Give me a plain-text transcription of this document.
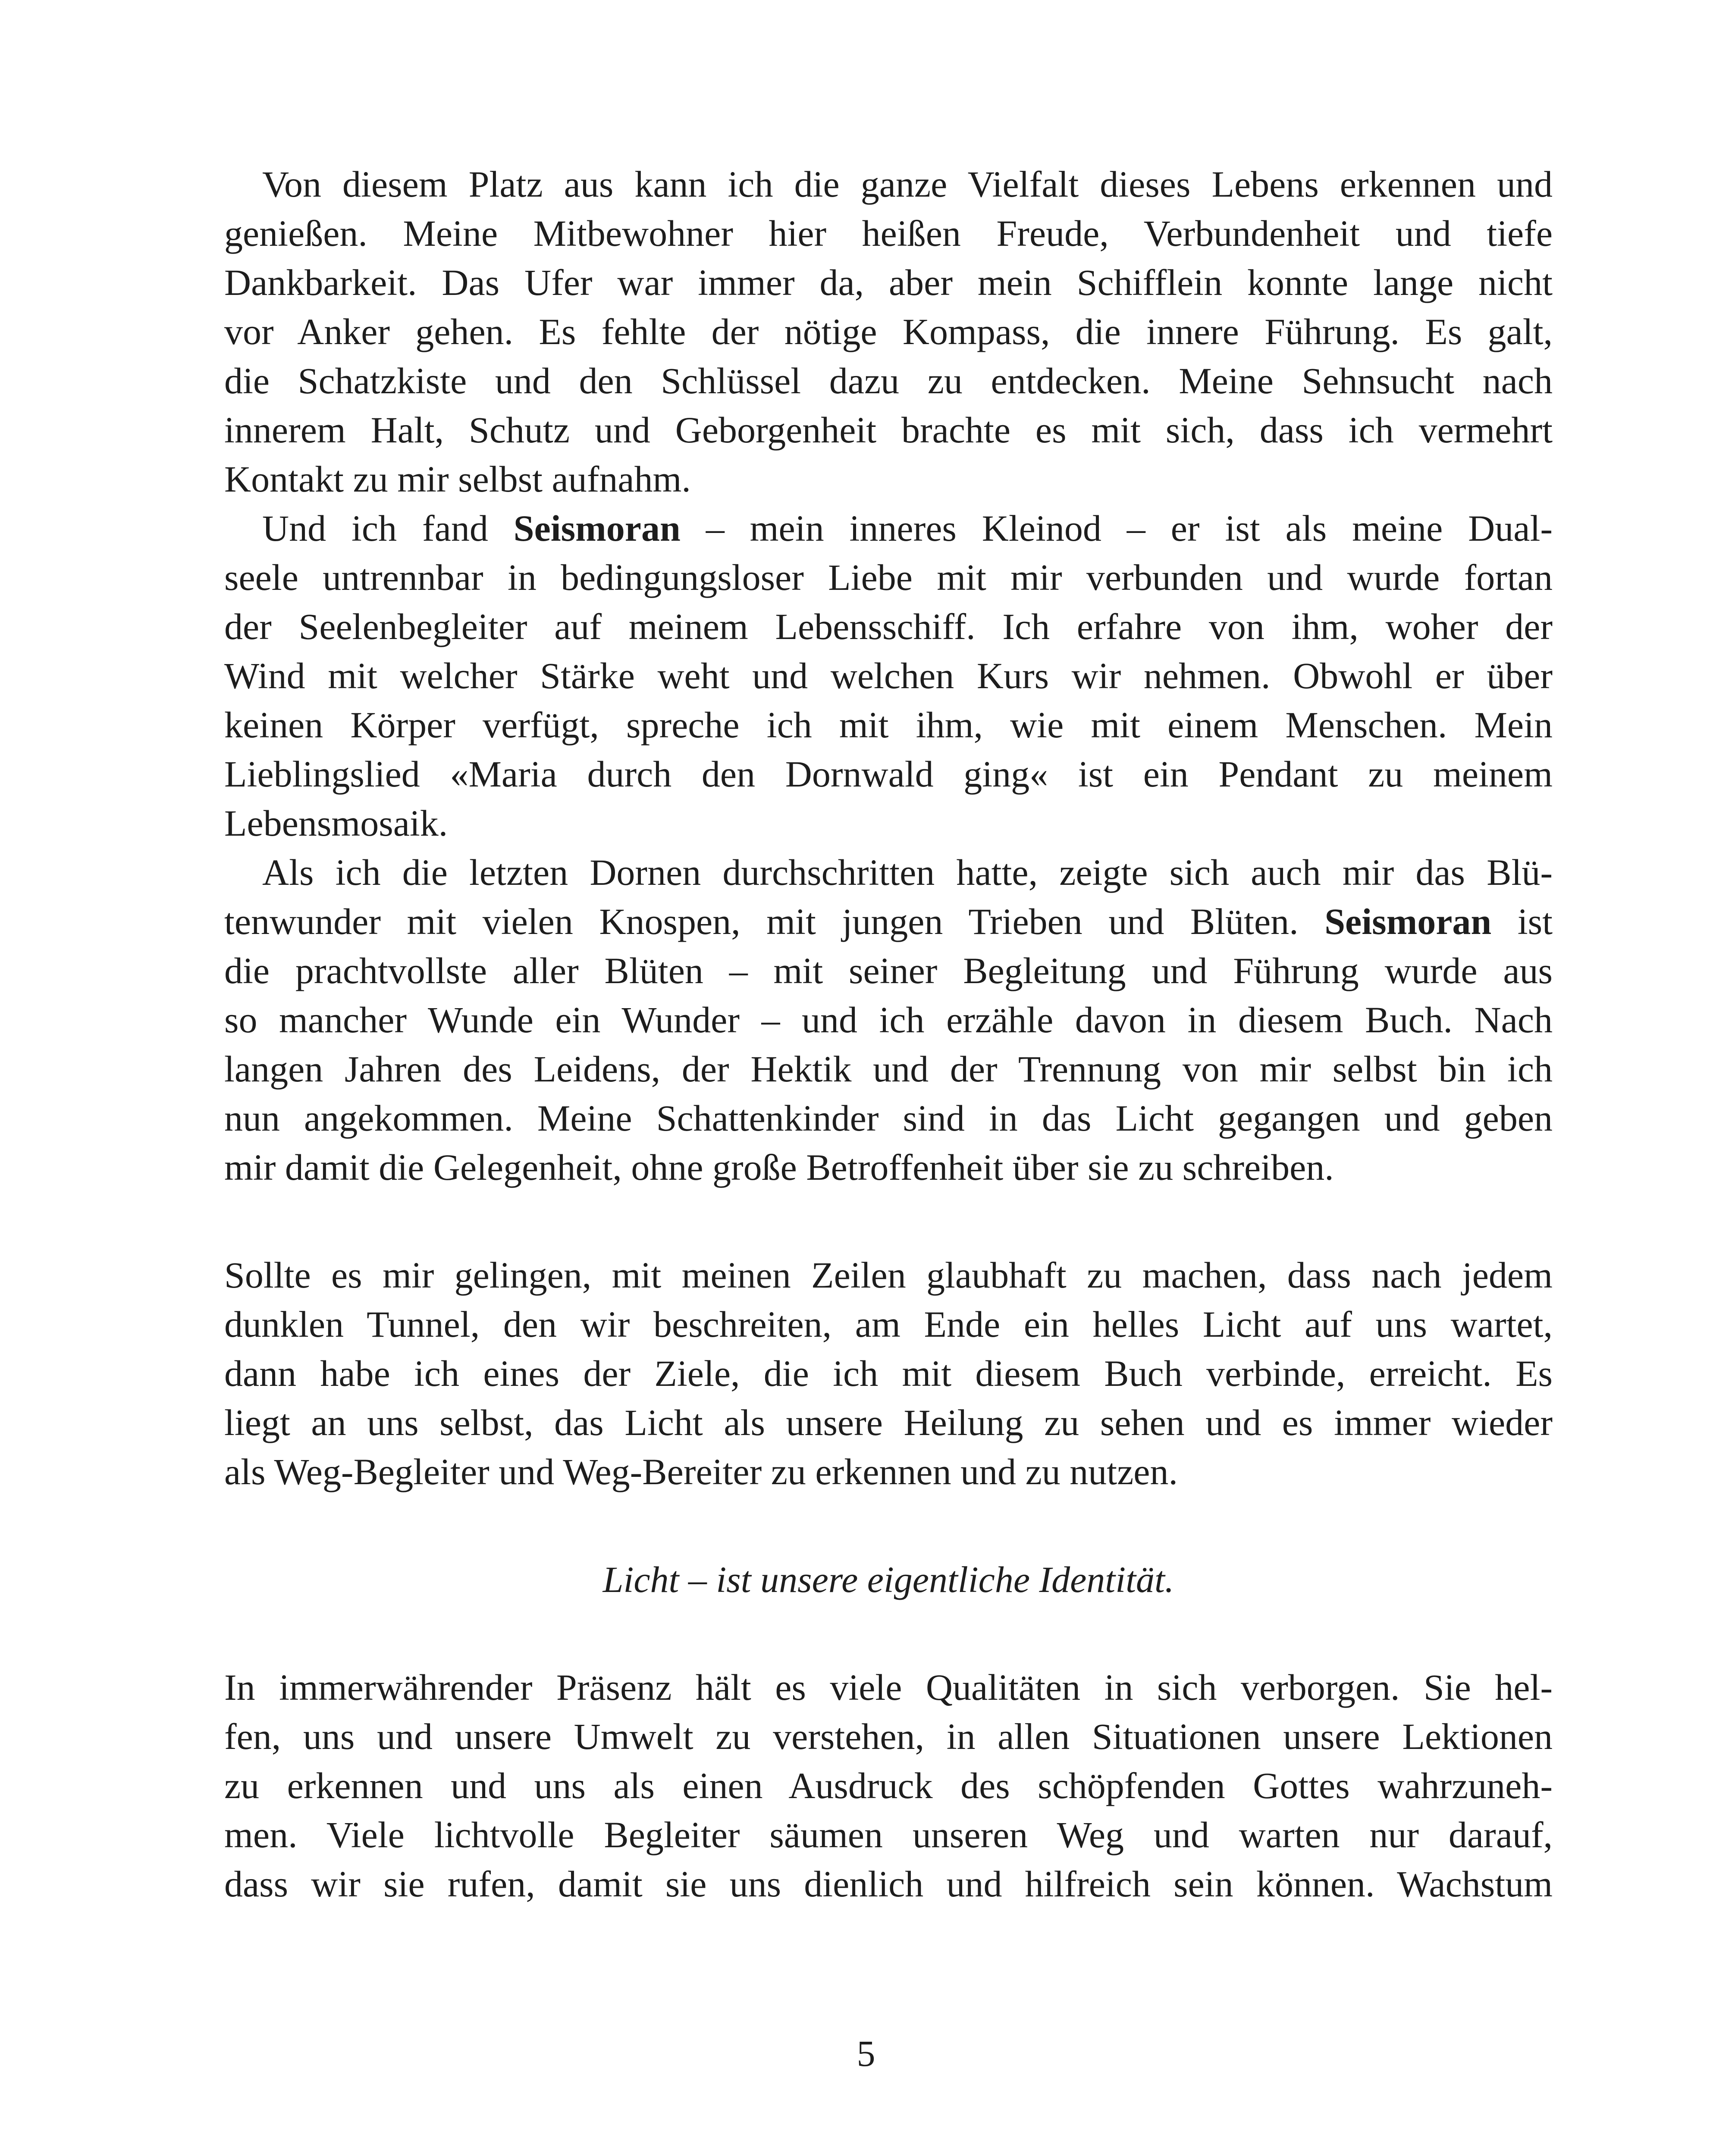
Von diesem Platz aus kann ich die ganze Vielfalt dieses Lebens erkennen und
genießen. Meine Mitbewohner hier heißen Freude, Verbundenheit und tiefe
Dankbarkeit. Das Ufer war immer da, aber mein Schifflein konnte lange nicht
vor Anker gehen. Es fehlte der nötige Kompass, die innere Führung. Es galt,
die Schatzkiste und den Schlüssel dazu zu entdecken. Meine Sehnsucht nach
innerem Halt, Schutz und Geborgenheit brachte es mit sich, dass ich vermehrt
Kontakt zu mir selbst aufnahm.
Und ich fand Seismoran – mein inneres Kleinod – er ist als meine Dual-
seele untrennbar in bedingungsloser Liebe mit mir verbunden und wurde fortan
der Seelenbegleiter auf meinem Lebensschiff. Ich erfahre von ihm, woher der
Wind mit welcher Stärke weht und welchen Kurs wir nehmen. Obwohl er über
keinen Körper verfügt, spreche ich mit ihm, wie mit einem Menschen. Mein
Lieblingslied «Maria durch den Dornwald ging« ist ein Pendant zu meinem
Lebensmosaik.
Als ich die letzten Dornen durchschritten hatte, zeigte sich auch mir das Blü-
tenwunder mit vielen Knospen, mit jungen Trieben und Blüten. Seismoran ist
die prachtvollste aller Blüten – mit seiner Begleitung und Führung wurde aus
so mancher Wunde ein Wunder – und ich erzähle davon in diesem Buch. Nach
langen Jahren des Leidens, der Hektik und der Trennung von mir selbst bin ich
nun angekommen. Meine Schattenkinder sind in das Licht gegangen und geben
mir damit die Gelegenheit, ohne große Betroffenheit über sie zu schreiben.
Sollte es mir gelingen, mit meinen Zeilen glaubhaft zu machen, dass nach jedem
dunklen Tunnel, den wir beschreiten, am Ende ein helles Licht auf uns wartet,
dann habe ich eines der Ziele, die ich mit diesem Buch verbinde, erreicht. Es
liegt an uns selbst, das Licht als unsere Heilung zu sehen und es immer wieder
als Weg-Begleiter und Weg-Bereiter zu erkennen und zu nutzen.
Licht – ist unsere eigentliche Identität.
In immerwährender Präsenz hält es viele Qualitäten in sich verborgen. Sie hel-
fen, uns und unsere Umwelt zu verstehen, in allen Situationen unsere Lektionen
zu erkennen und uns als einen Ausdruck des schöpfenden Gottes wahrzuneh-
men. Viele lichtvolle Begleiter säumen unseren Weg und warten nur darauf,
dass wir sie rufen, damit sie uns dienlich und hilfreich sein können. Wachstum
5
